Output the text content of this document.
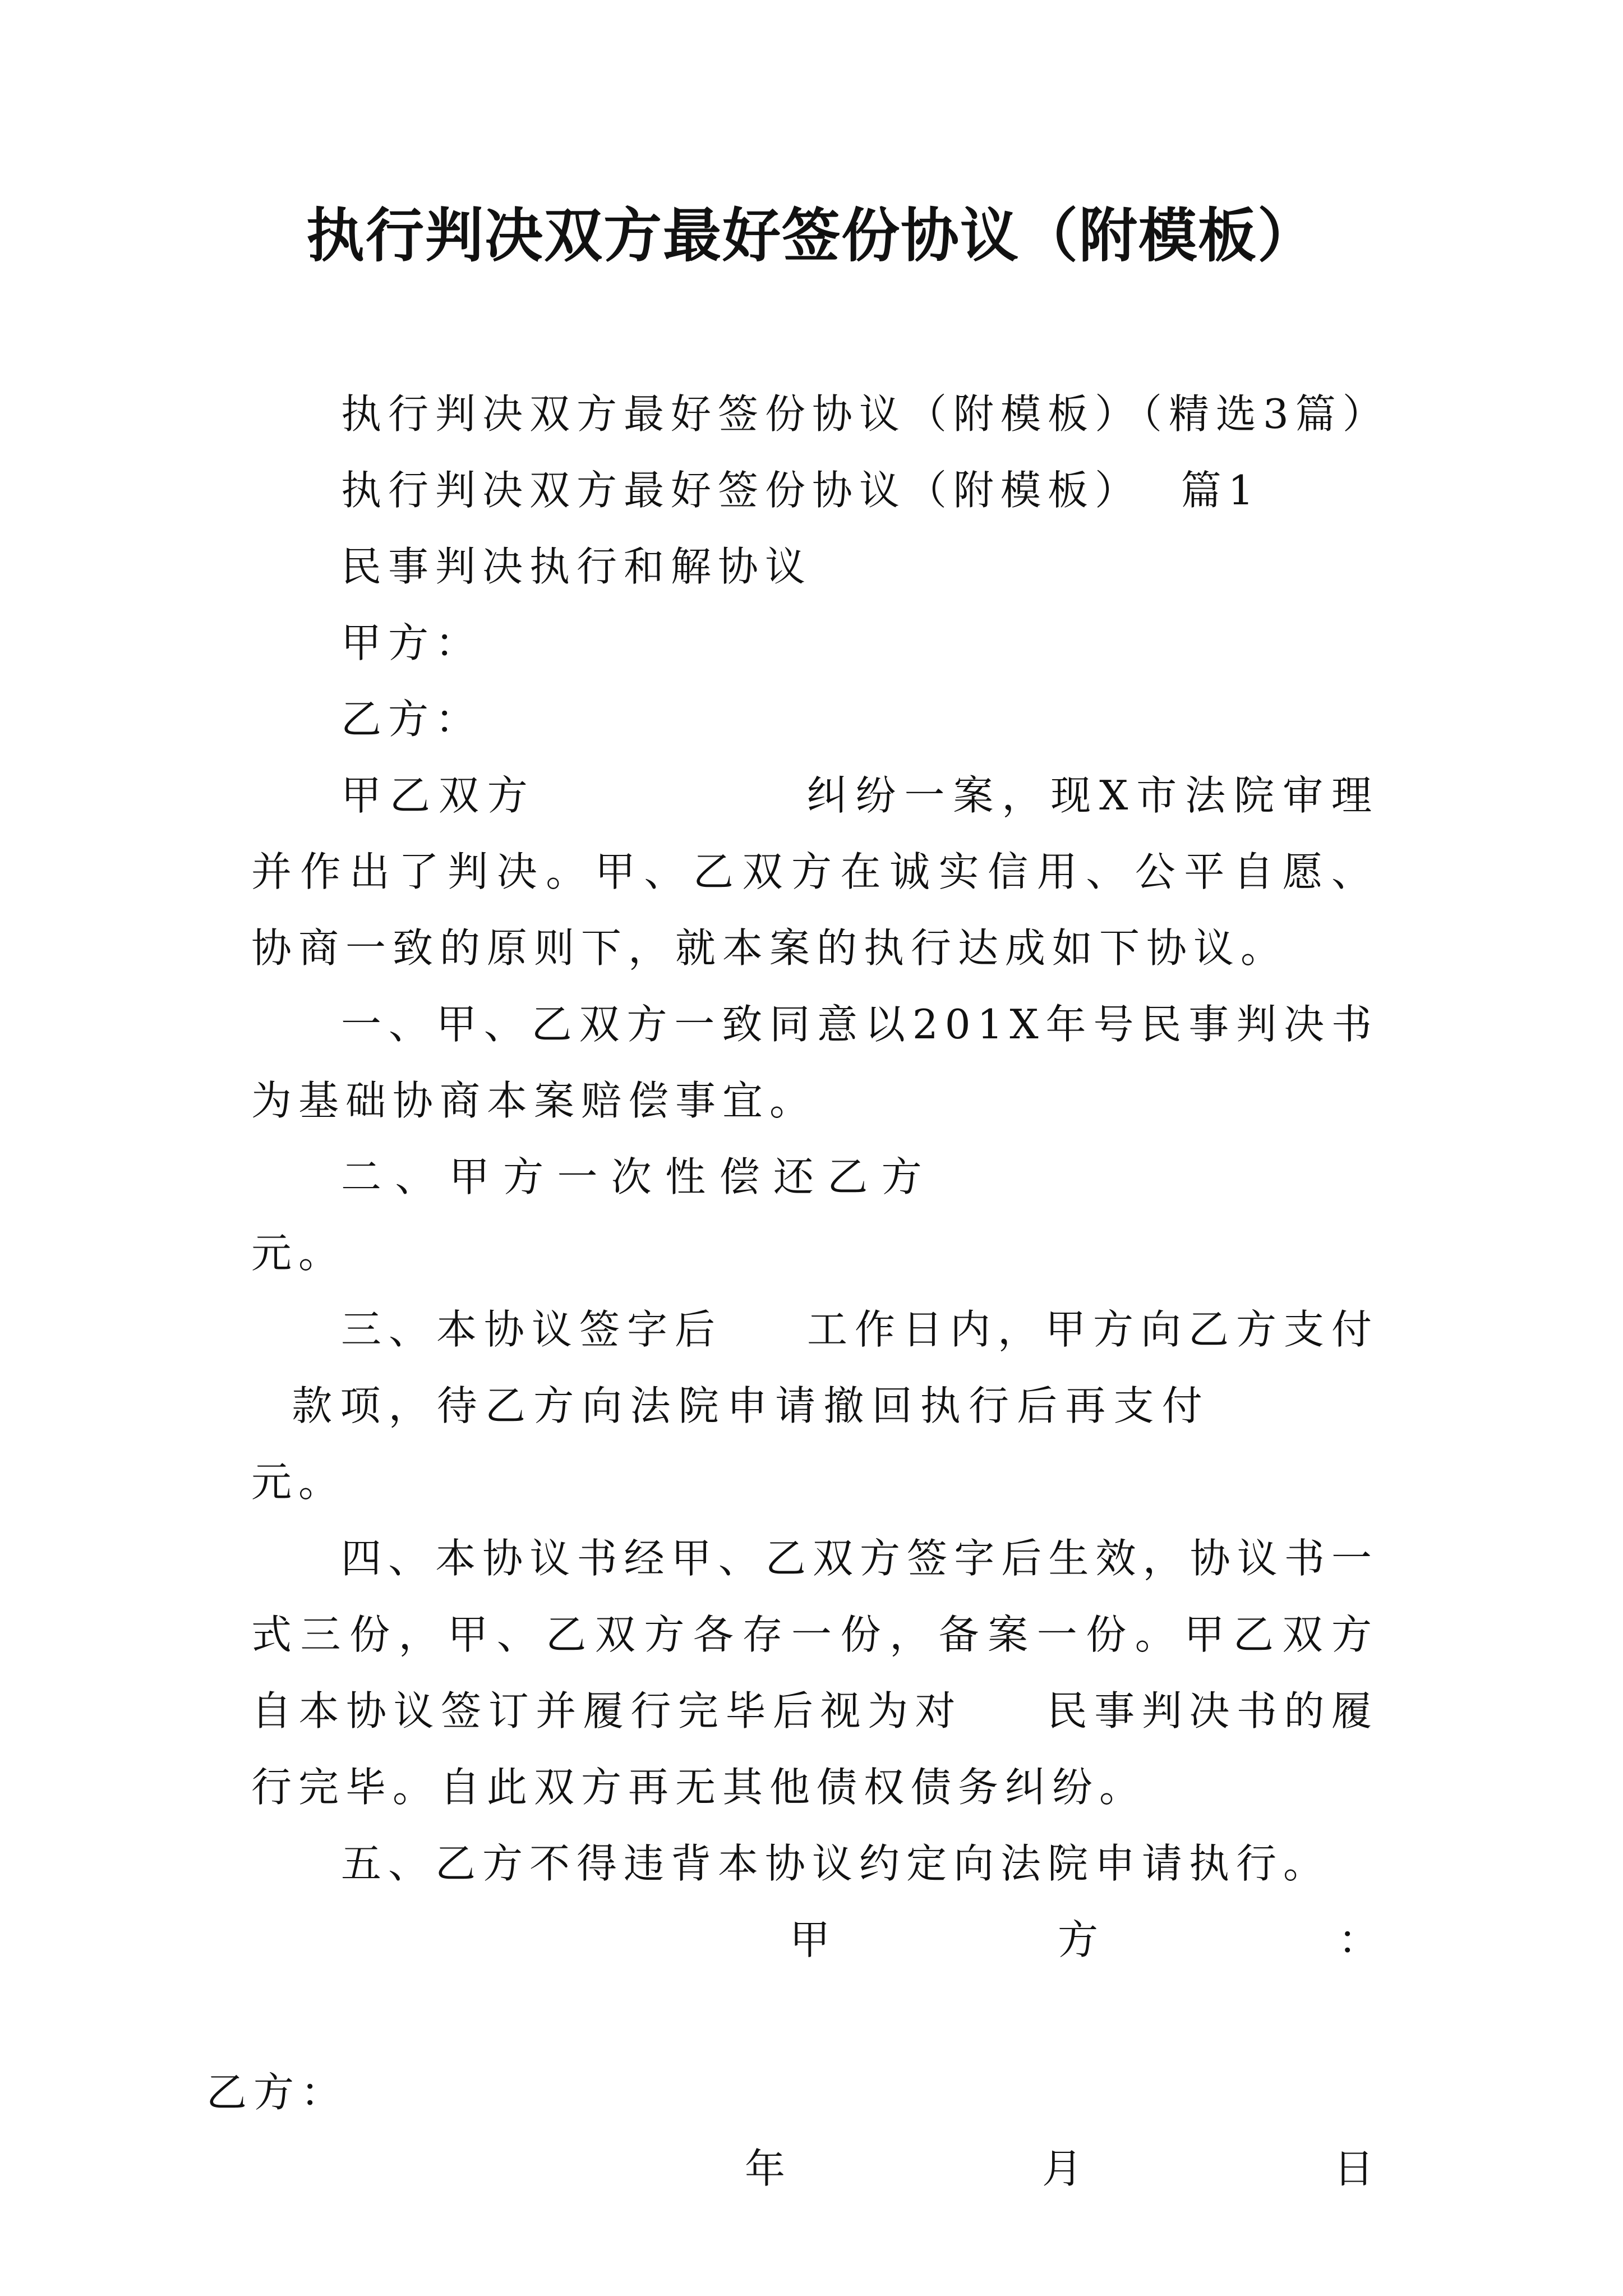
执行判决双方最好签份协议（附模板）

执行判决双方最好签份协议（附模板）（精选3篇）

执行判决双方最好签份协议（附模板）  篇1

民事判决执行和解协议

甲方：

乙方：

甲乙双方	纠纷一案，现X市法院审理并作出了判决。甲、乙双方在诚实信用、公平自愿、协商一致的原则下，就本案的执行达成如下协议。

一、甲、乙双方一致同意以201X年号民事判决书为基础协商本案赔偿事宜。

二、甲方一次性偿还乙方元。

三、本协议签字后 工作日内，甲方向乙方支付款项，待乙方向法院申请撤回执行后再支付元。

四、本协议书经甲、乙双方签字后生效，协议书一式三份，甲、乙双方各存一份，备案一份。甲乙双方自本协议签订并履行完毕后视为对 民事判决书的履行完毕。自此双方再无其他债权债务纠纷。

五、乙方不得违背本协议约定向法院申请执行。

甲	方	：
乙方：
年	月	日
